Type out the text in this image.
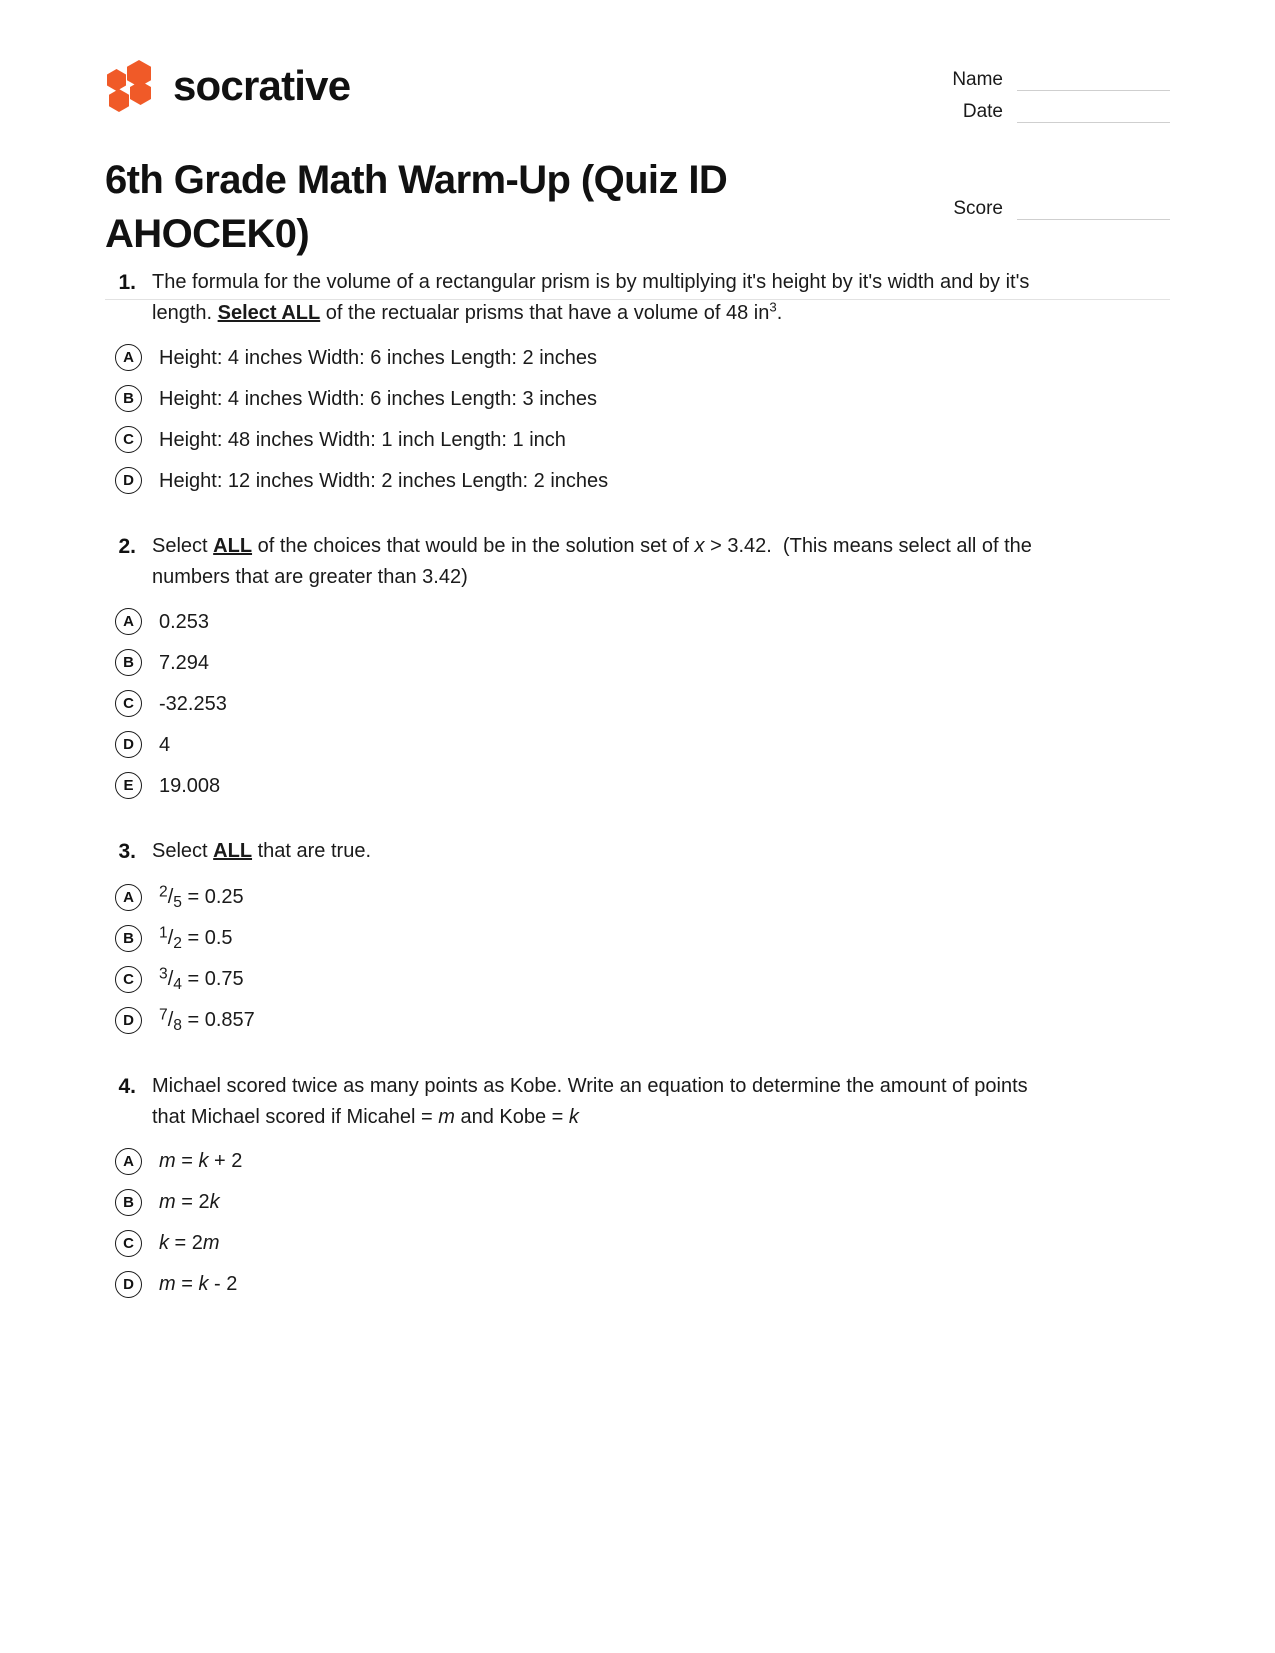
socrative
6th Grade Math Warm-Up (Quiz ID AHOCEK0)
Name
Date
Score
1. The formula for the volume of a rectangular prism is by multiplying it's height by it's width and by it's length. Select ALL of the rectualar prisms that have a volume of 48 $in^3$.
A	Height: 4 inches Width: 6 inches Length: 2 inches
B	Height: 4 inches Width: 6 inches Length: 3 inches
C	Height: 48 inches Width: 1 inch Length: 1 inch
D	Height: 12 inches Width: 2 inches Length: 2 inches
2. Select ALL of the choices that would be in the solution set of x > 3.42.  (This means select all of the numbers that are greater than 3.42)
A	0.253
B	7.294
C	-32.253
D	4
E	19.008
3. Select ALL that are true.
A	$^2/_5 = 0.25$
B	$^1/_2 = 0.5$
C	$^3/_4 = 0.75$
D	$^7/_8 = 0.857$
4. Michael scored twice as many points as Kobe. Write an equation to determine the amount of points that Michael scored if Micahel = m and Kobe = k
A	m = k + 2
B	m = 2k
C	k = 2m
D	m = k - 2
